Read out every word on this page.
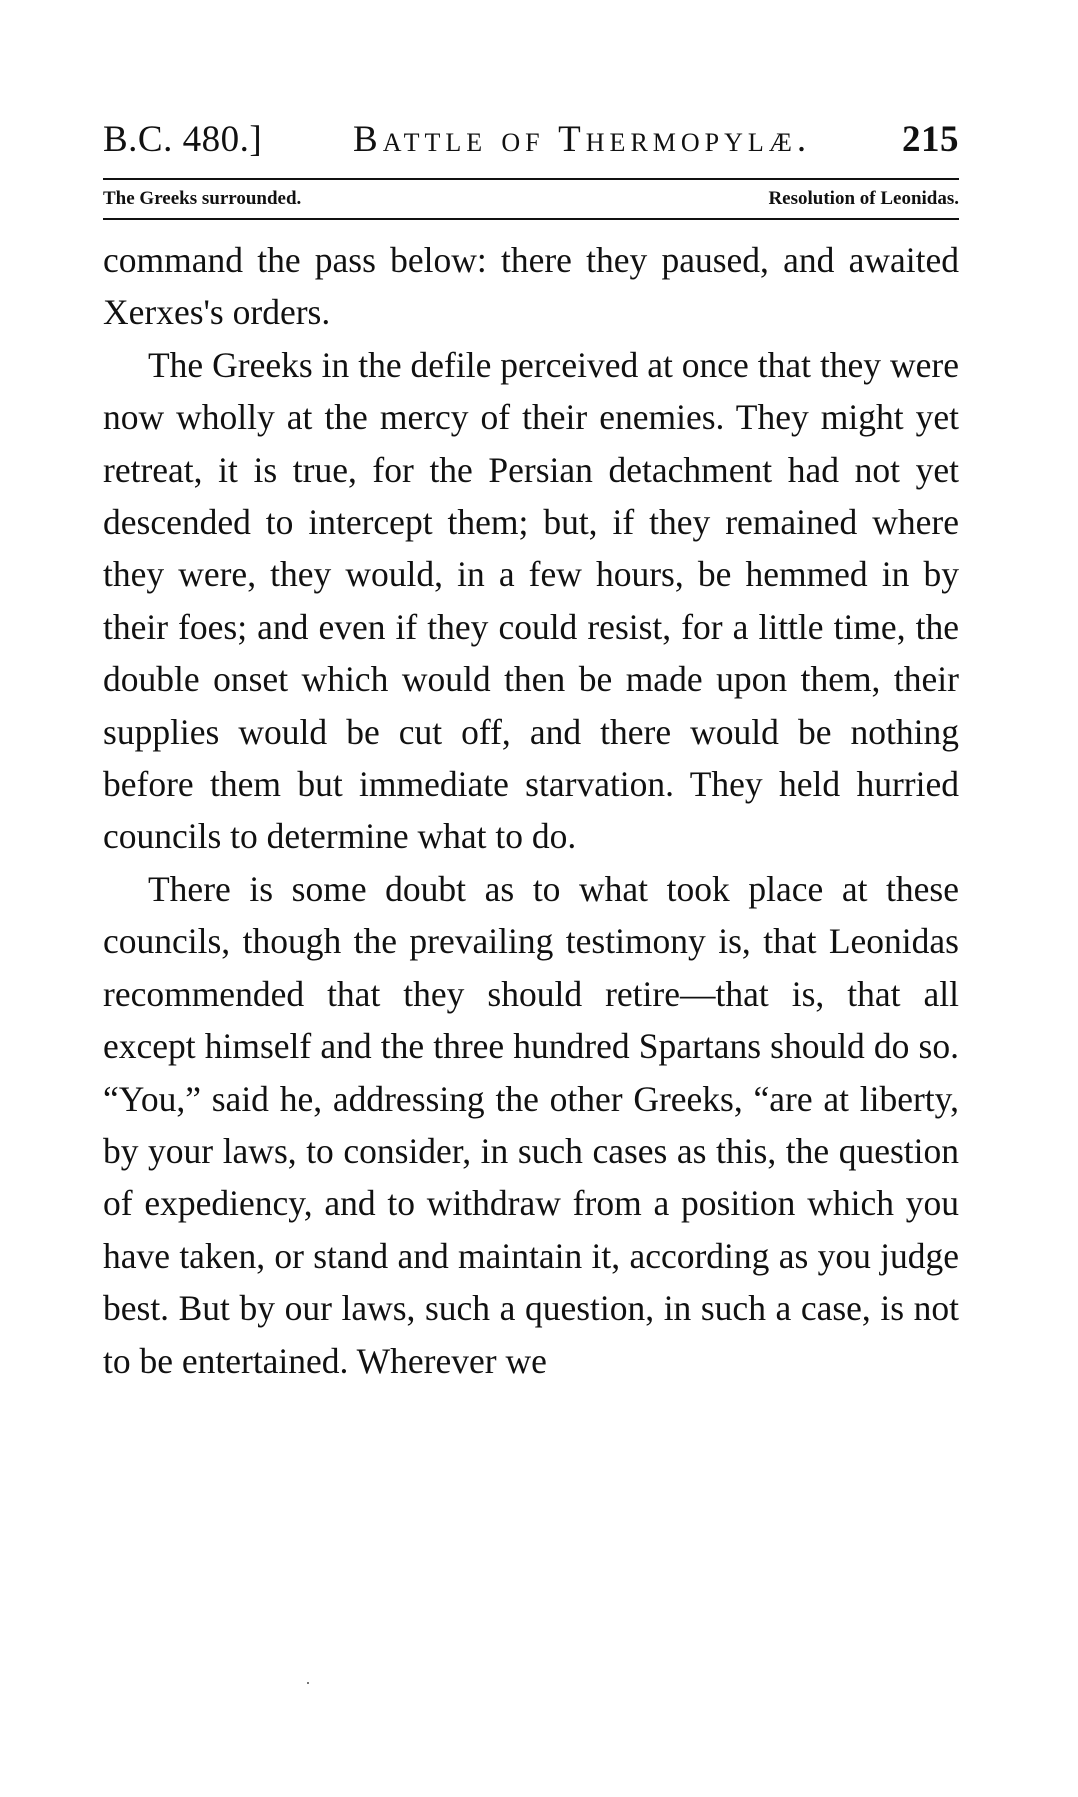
B.C. 480.]	Battle of Thermopylæ.	215
The Greeks surrounded.	Resolution of Leonidas.

command the pass below: there they paused, and awaited Xerxes's orders.

The Greeks in the defile perceived at once that they were now wholly at the mercy of their enemies. They might yet retreat, it is true, for the Persian detachment had not yet descended to intercept them; but, if they remained where they were, they would, in a few hours, be hemmed in by their foes; and even if they could resist, for a little time, the double onset which would then be made upon them, their supplies would be cut off, and there would be nothing before them but immediate starvation. They held hurried councils to determine what to do.

There is some doubt as to what took place at these councils, though the prevailing testimony is, that Leonidas recommended that they should retire—that is, that all except himself and the three hundred Spartans should do so. “You,” said he, addressing the other Greeks, “are at liberty, by your laws, to consider, in such cases as this, the question of expediency, and to withdraw from a position which you have taken, or stand and maintain it, according as you judge best. But by our laws, such a question, in such a case, is not to be entertained. Wherever we
